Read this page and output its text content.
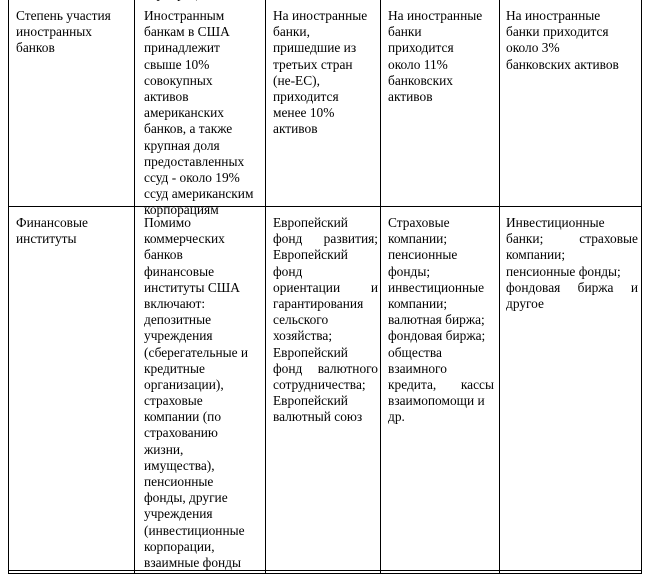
Степень участия
иностранных
банков
Иностранным
банкам в США
принадлежит
свыше 10%
совокупных
активов
американских
банков, а также
крупная доля
предоставленных
ссуд - около 19%
ссуд американским
корпорациям
На иностранные
банки,
пришедшие из
третьих стран
(не-ЕС),
приходится
менее 10%
активов
На иностранные
банки
приходится
около 11%
банковских
активов
На иностранные
банки приходится
около 3%
банковских активов
Финансовые
институты
Помимо
коммерческих
банков
финансовые
институты США
включают:
депозитные
учреждения
(сберегательные и
кредитные
организации),
страховые
компании (по
страхованию
жизни,
имущества),
пенсионные
фонды, другие
учреждения
(инвестиционные
корпорации,
взаимные фонды
Европейский
фонд развития;
Европейский
фонд
ориентации и
гарантирования
сельского
хозяйства;
Европейский
фонд валютного
сотрудничества;
Европейский
валютный союз
Страховые
компании;
пенсионные
фонды;
инвестиционные
компании;
валютная биржа;
фондовая биржа;
общества
взаимного
кредита, кассы
взаимопомощи и
др.
Инвестиционные
банки; страховые
компании;
пенсионные фонды;
фондовая биржа и
другое
